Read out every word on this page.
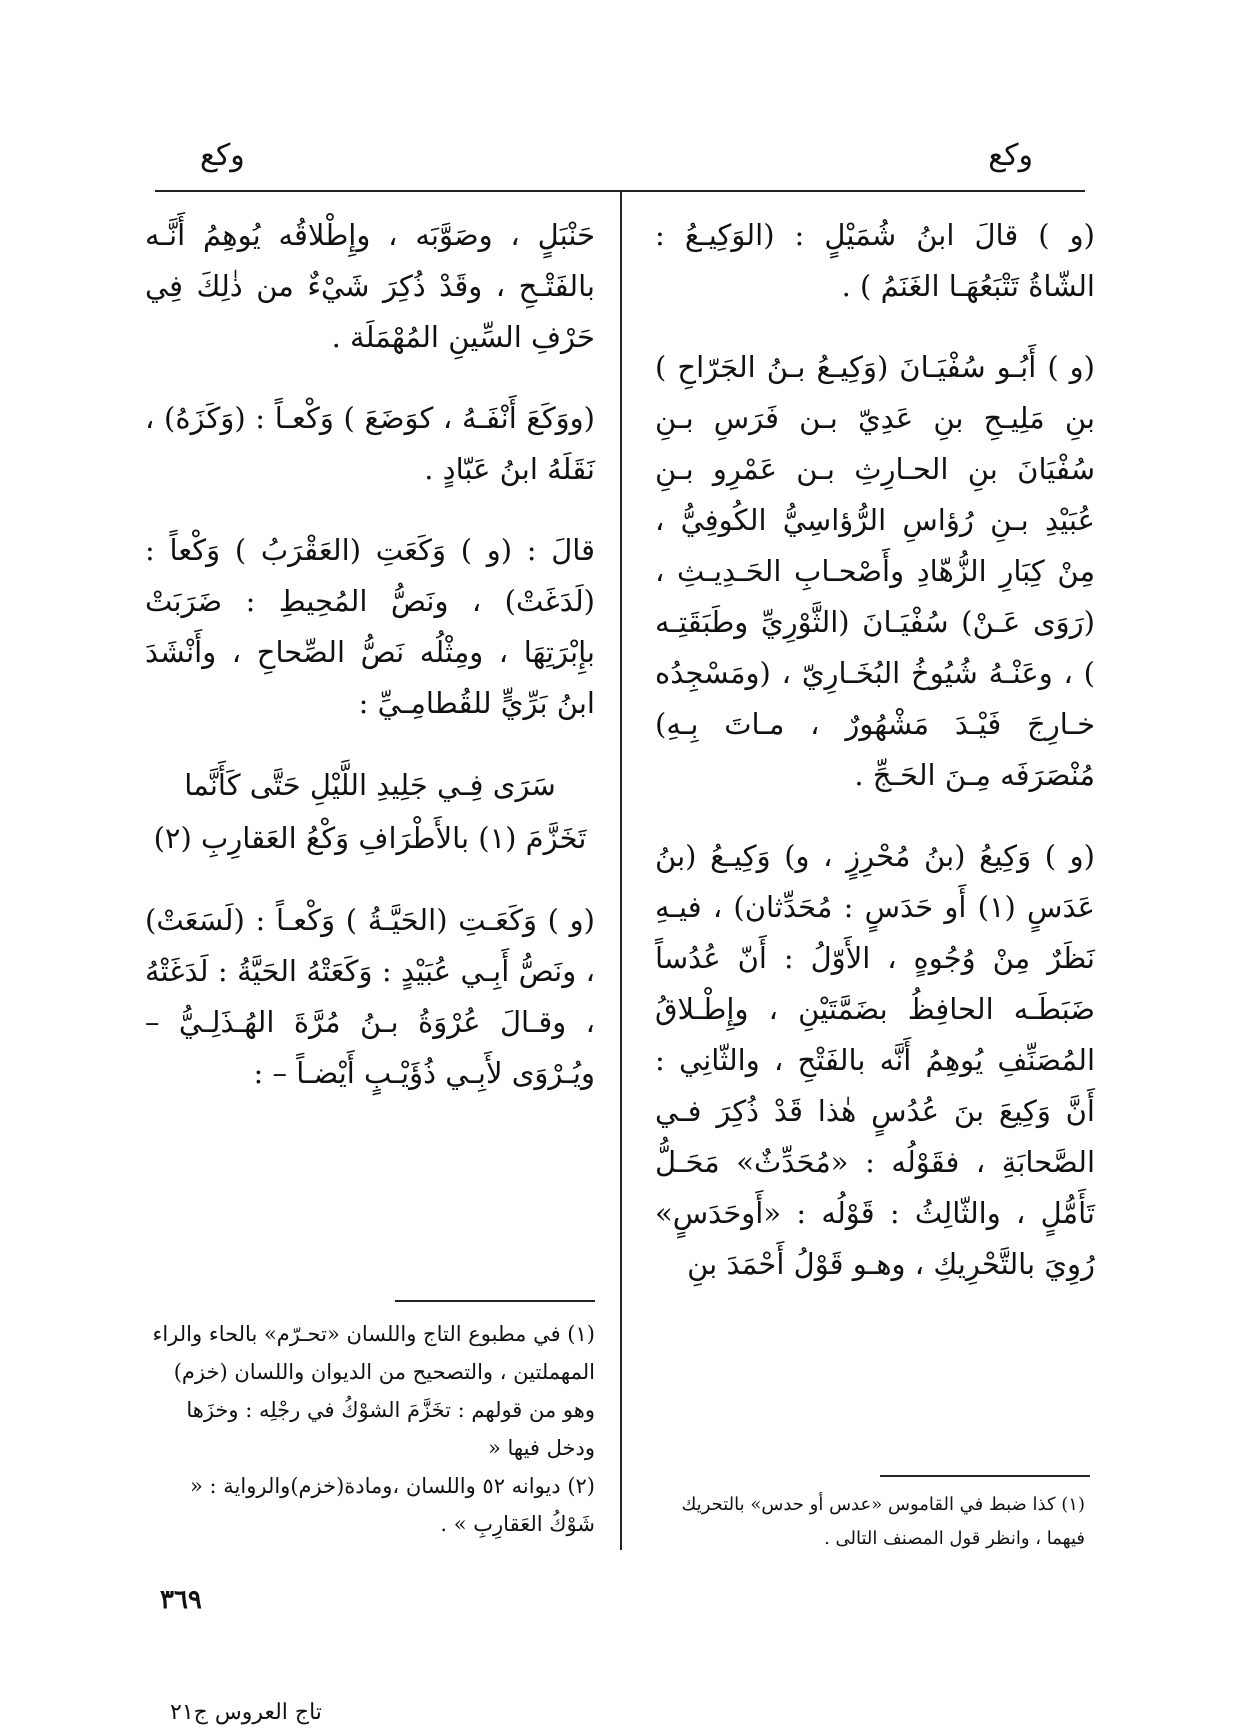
وكع
وكع

(و ) قالَ ابنُ شُمَيْلٍ : (الوَكِيـعُ : الشّاةُ تَتْبَعُهَـا الغَنَمُ ) .

(و ) أَبُـو سُفْيَـانَ (وَكِيـعُ بـنُ الجَرّاحِ ) بنِ مَلِيـحِ بنِ عَدِيّ بـن فَرَسِ بـنِ سُفْيَانَ بنِ الحـارِثِ بـن عَمْرِو بـنِ عُبَيْدِ بـنِ رُؤاسِ الرُّؤاسِيُّ الكُوفِيُّ ، مِنْ كِبَارِ الزُّهّادِ وأَصْحـابِ الحَـدِيـثِ ، (رَوَى عَـنْ) سُفْيَـانَ (الثَّوْرِيِّ وطَبَقَتِـه ) ، وعَنْـهُ شُيُوخُ البُخَـارِيّ ، (ومَسْجِدُه خـارِجَ فَيْـدَ مَشْهُورٌ ، مـاتَ بِـهِ) مُنْصَرَفَه مِـنَ الحَـجِّ .

(و ) وَكِيعُ (بنُ مُحْرِزٍ ، و) وَكِيـعُ (بنُ عَدَسٍ (١) أَو حَدَسٍ : مُحَدِّثان) ، فيـهِ نَظَرٌ مِنْ وُجُوهٍ ، الأَوّلُ : أَنّ عُدُساً ضَبَطَـه الحافِظُ بضَمَّتَيْنِ ، وإِطْـلاقُ المُصَنِّفِ يُوهِمُ أَنَّه بالفَتْحِ ، والثّانِي : أَنَّ وَكِيعَ بنَ عُدُسٍ هٰذا قَدْ ذُكِرَ فـي الصَّحابَةِ ، فقَوْلُه : «مُحَدِّثٌ» مَحَـلُّ تَأَمُّلٍ ، والثّالِثُ : قَوْلُه : «أَوحَدَسٍ» رُوِيَ بالتَّحْرِيكِ ، وهـو قَوْلُ أَحْمَدَ بنِ

حَنْبَلٍ ، وصَوَّبَه ، وإِطْلاقُه يُوهِمُ أَنَّـه بالفَتْـحِ ، وقَدْ ذُكِرَ شَيْءٌ من ذٰلِكَ فِي حَرْفِ السِّينِ المُهْمَلَة .

(ووَكَعَ أَنْفَـهُ ، كوَضَعَ ) وَكْعـاً : (وَكَزَهُ) ، نَقَلَهُ ابنُ عَبّادٍ .

قالَ : (و ) وَكَعَتِ (العَقْرَبُ ) وَكْعاً : (لَدَغَتْ) ، ونَصُّ المُحِيطِ : ضَرَبَتْ بإِبْرَتِهَا ، ومِثْلُه نَصُّ الصِّحاحِ ، وأَنْشَدَ ابنُ بَرِّيٍّ للقُطامِـيِّ :

سَرَى فِـي جَلِيدِ اللَّيْلِ حَتَّى كَأَنَّما
تَخَزَّمَ (١) بالأَطْرَافِ وَكْعُ العَقارِبِ (٢)

(و ) وَكَعَـتِ (الحَيَّـةُ ) وَكْعـاً : (لَسَعَتْ) ، ونَصُّ أَبِـي عُبَيْدٍ : وَكَعَتْهُ الحَيَّةُ : لَدَغَتْهُ ، وقـالَ عُرْوَةُ بـنُ مُرَّةَ الهُـذَلِـيُّ – ويُـرْوَى لأَبِـي ذُؤَيْـبٍ أَيْضـاً – :

(١) كذا ضبط في القاموس «عدس أو حدس» بالتحريك فيهما ، وانظر قول المصنف التالى .

(١) في مطبوع التاج واللسان «تحـرّم» بالحاء والراء المهملتين ، والتصحيح من الديوان واللسان (خزم) وهو من قولهم : تخَزَّمَ الشوْكُ في رجْلِه : وخزَها ودخل فيها «

(٢) ديوانه ٥٢ واللسان ،ومادة(خزم)والرواية : « شَوْكُ العَقارِبِ » .

٣٦٩
تاج العروس ج٢١
